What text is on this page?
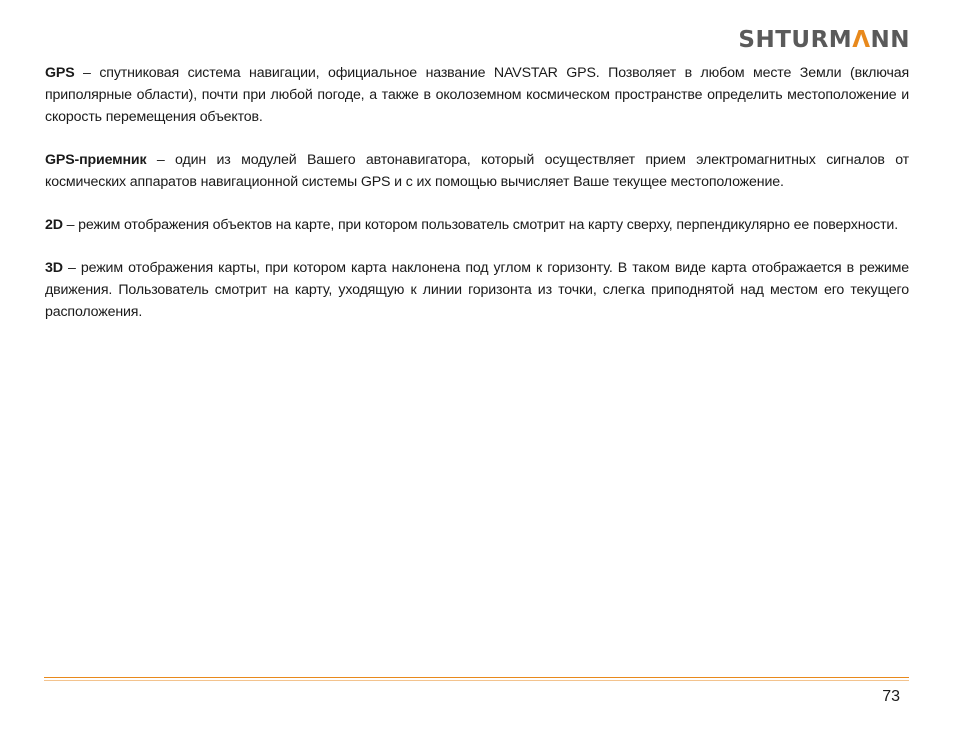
SHTURMΛNN

GPS – спутниковая система навигации, официальное название NAVSTAR GPS. Позволяет в любом месте Земли (включая приполярные области), почти при любой погоде, а также в околоземном космическом пространстве определить местоположение и скорость перемещения объектов.

GPS-приемник – один из модулей Вашего автонавигатора, который осуществляет прием электромагнитных сигналов от космических аппаратов навигационной системы GPS и с их помощью вычисляет Ваше текущее местоположение.

2D – режим отображения объектов на карте, при котором пользователь смотрит на карту сверху, перпендикулярно ее поверхности.

3D – режим отображения карты, при котором карта наклонена под углом к горизонту. В таком виде карта отображается в режиме движения. Пользователь смотрит на карту, уходящую к линии горизонта из точки, слегка приподнятой над местом его текущего расположения.

73
